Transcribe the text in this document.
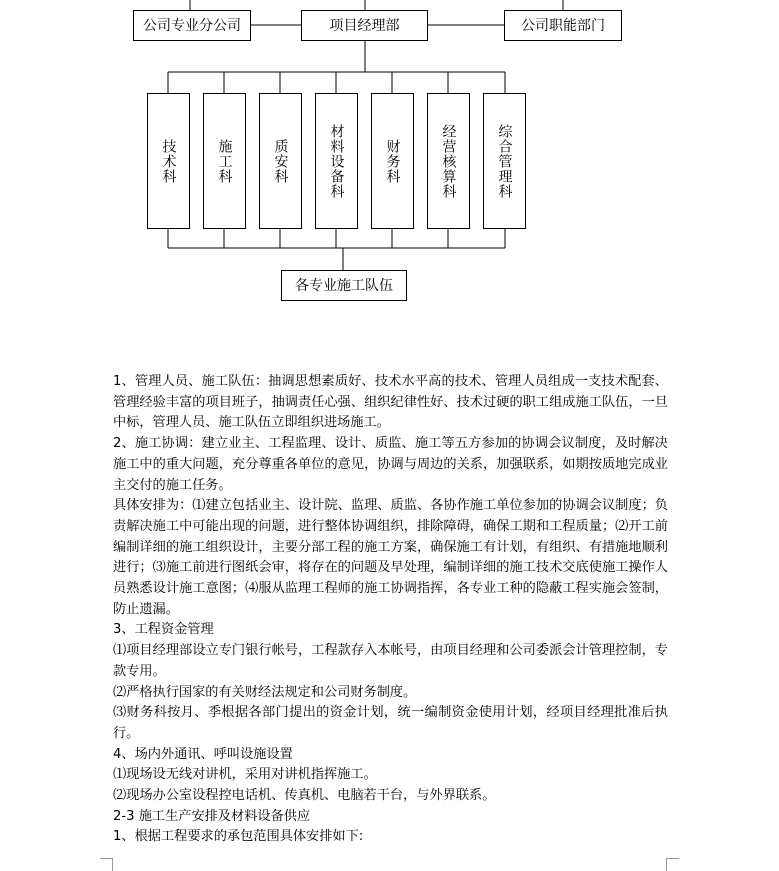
公司专业分公司	项目经理部	公司职能部门
技术科	施工科	质安科	材料设备科	财务科	经营核算科	综合管理科
各专业施工队伍

1、管理人员、施工队伍：抽调思想素质好、技术水平高的技术、管理人员组成一支技术配套、管理经验丰富的项目班子，抽调责任心强、组织纪律性好、技术过硬的职工组成施工队伍，一旦中标，管理人员、施工队伍立即组织进场施工。

2、施工协调：建立业主、工程监理、设计、质监、施工等五方参加的协调会议制度，及时解决施工中的重大问题，充分尊重各单位的意见，协调与周边的关系，加强联系，如期按质地完成业主交付的施工任务。

具体安排为：⑴建立包括业主、设计院、监理、质监、各协作施工单位参加的协调会议制度；负责解决施工中可能出现的问题，进行整体协调组织，排除障碍，确保工期和工程质量；⑵开工前编制详细的施工组织设计，主要分部工程的施工方案，确保施工有计划，有组织、有措施地顺利进行；⑶施工前进行图纸会审，将存在的问题及早处理，编制详细的施工技术交底使施工操作人员熟悉设计施工意图；⑷服从监理工程师的施工协调指挥，各专业工种的隐蔽工程实施会签制，防止遗漏。

3、工程资金管理

⑴项目经理部设立专门银行帐号，工程款存入本帐号，由项目经理和公司委派会计管理控制，专款专用。

⑵严格执行国家的有关财经法规定和公司财务制度。

⑶财务科按月、季根据各部门提出的资金计划，统一编制资金使用计划，经项目经理批准后执行。

4、场内外通讯、呼叫设施设置

⑴现场设无线对讲机，采用对讲机指挥施工。

⑵现场办公室设程控电话机、传真机、电脑若干台，与外界联系。

2-3 施工生产安排及材料设备供应

1、根据工程要求的承包范围具体安排如下:
